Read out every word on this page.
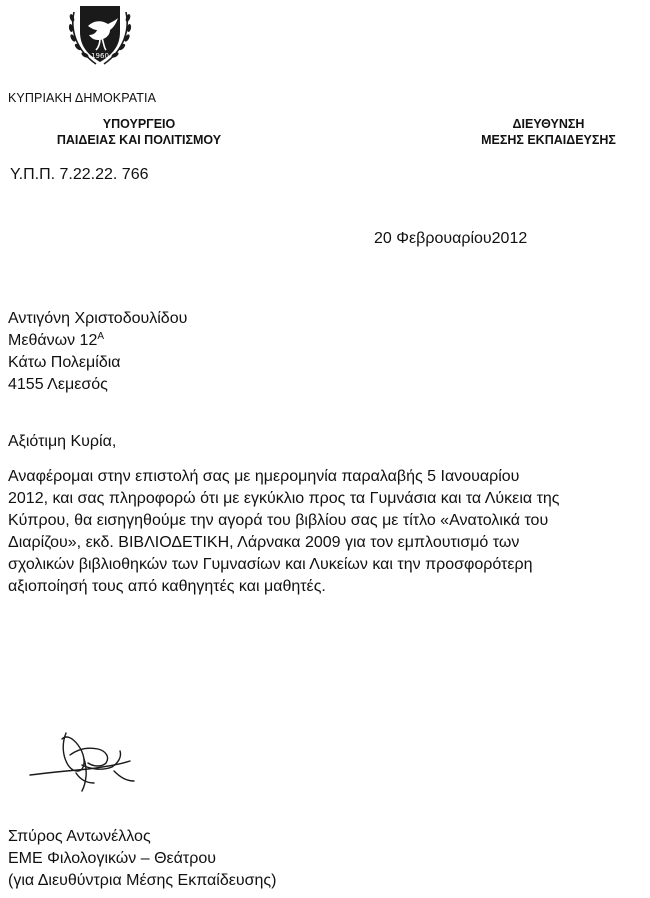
1960
ΚΥΠΡΙΑΚΗ ΔΗΜΟΚΡΑΤΙΑ
ΥΠΟΥΡΓΕΙΟ
ΠΑΙΔΕΙΑΣ ΚΑΙ ΠΟΛΙΤΙΣΜΟΥ
ΔΙΕΥΘΥΝΣΗ
ΜΕΣΗΣ ΕΚΠΑΙΔΕΥΣΗΣ
Υ.Π.Π. 7.22.22. 766
20 Φεβρουαρίου2012
Αντιγόνη Χριστοδουλίδου
Μεθάνων $12^A$
Κάτω Πολεμίδια
4155 Λεμεσός
Αξιότιμη Κυρία,
Αναφέρομαι στην επιστολή σας με ημερομηνία παραλαβής 5 Ιανουαρίου
2012, και σας πληροφορώ ότι με εγκύκλιο προς τα Γυμνάσια και τα Λύκεια της
Κύπρου, θα εισηγηθούμε την αγορά του βιβλίου σας με τίτλο «Ανατολικά του
Διαρίζου», εκδ. ΒΙΒΛΙΟΔΕΤΙΚΗ, Λάρνακα 2009 για τον εμπλουτισμό των
σχολικών βιβλιοθηκών των Γυμνασίων και Λυκείων και την προσφορότερη
αξιοποίησή τους από καθηγητές και μαθητές.
Σπύρος Αντωνέλλος
ΕΜΕ Φιλολογικών – Θεάτρου
(για Διευθύντρια Μέσης Εκπαίδευσης)
